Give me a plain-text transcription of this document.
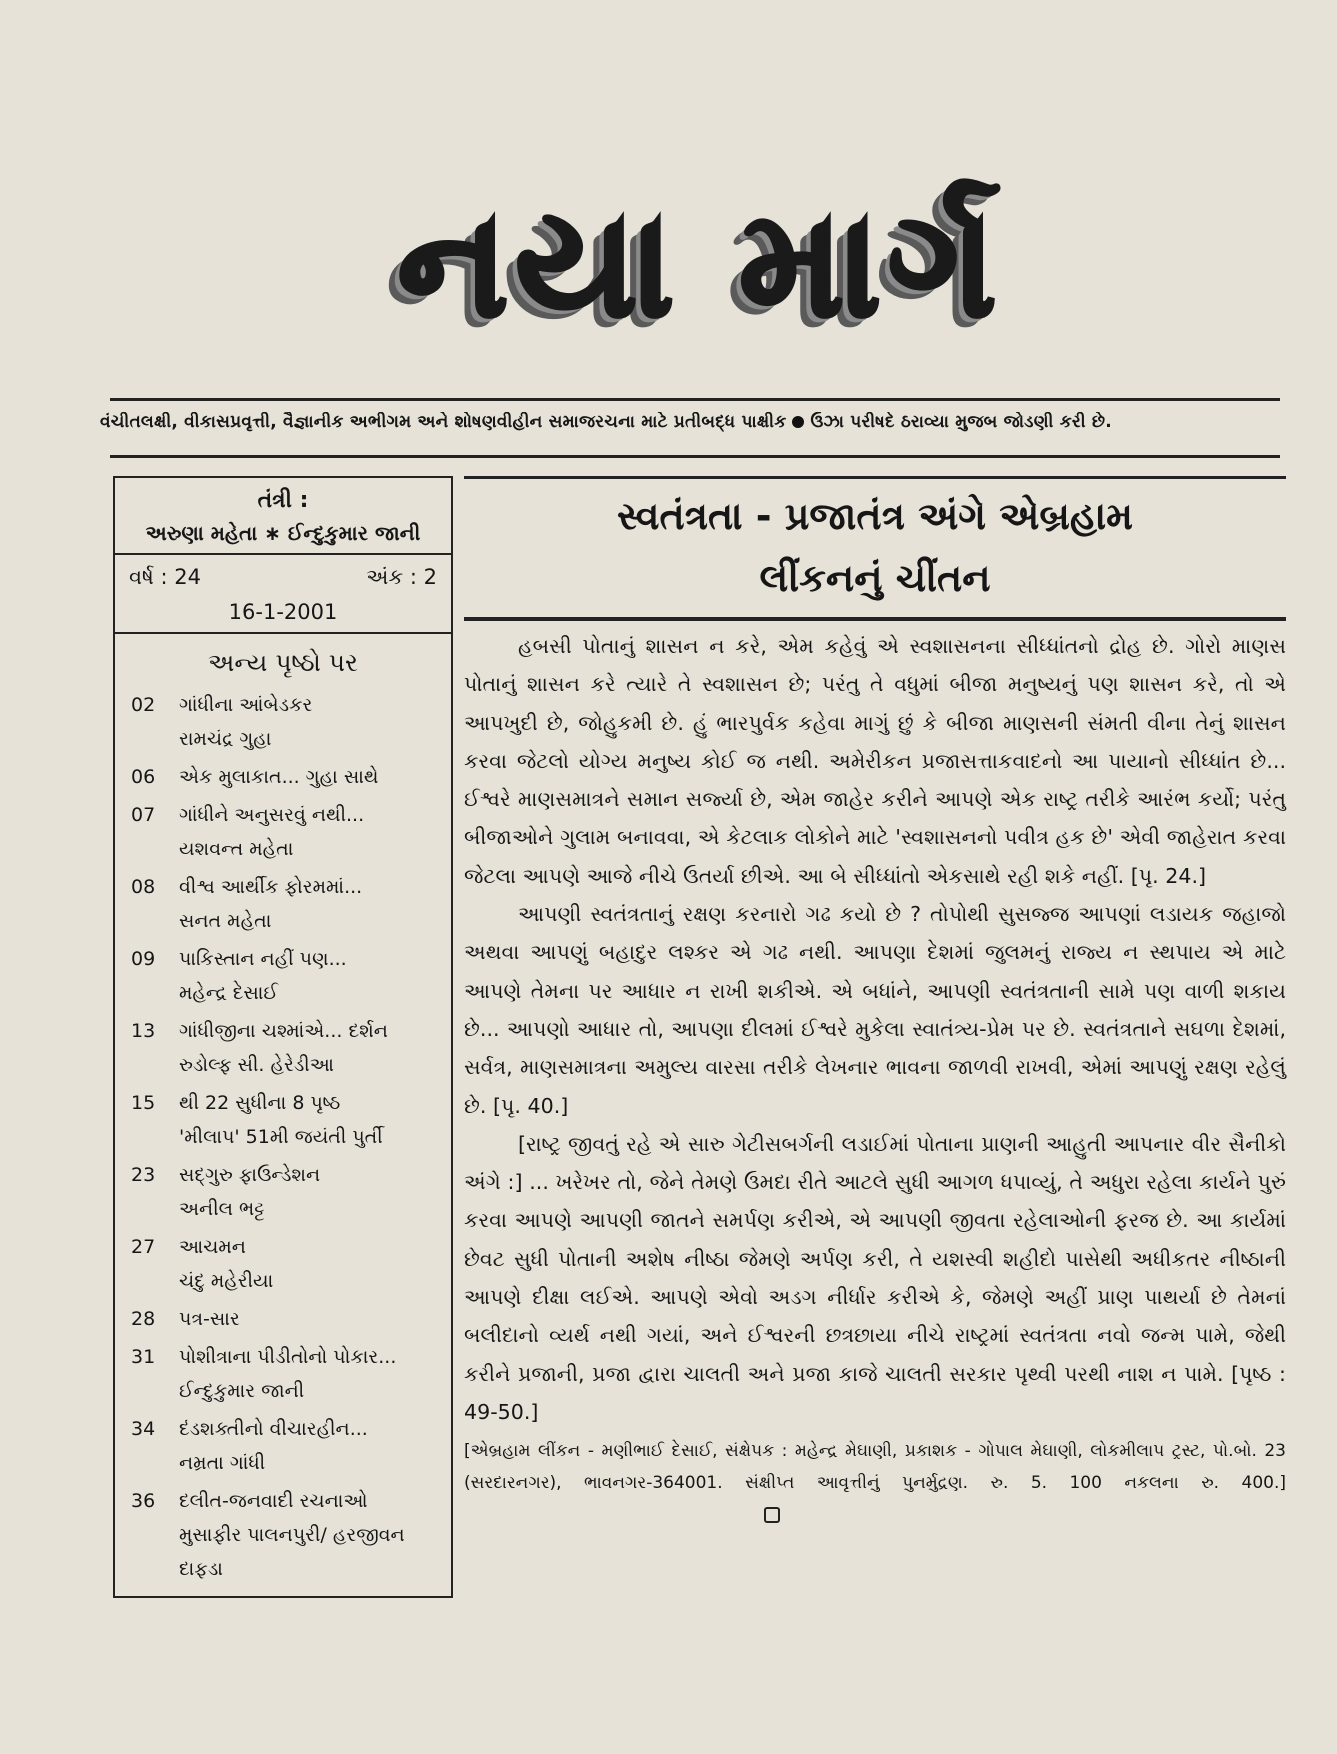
નયા માર્ગ
વંચીતલક્ષી, વીકાસપ્રવૃત્તી, વૈજ્ઞાનીક અભીગમ અને શોષણવીહીન સમાજરચના માટે પ્રતીબદ્ધ પાક્ષીક ઉંઝા પરીષદે ઠરાવ્યા મુજબ જોડણી કરી છે.
તંત્રી :
અરુણા મહેતા ∗ ઈન્દુકુમાર જાની
વર્ષ : 24	અંક : 2
16-1-2001
અન્ય પૃષ્ઠો પર
02	ગાંધીના આંબેડકર
રામચંદ્ર ગુહા
06	એક મુલાકાત... ગુહા સાથે
07	ગાંધીને અનુસરવું નથી...
યશવન્ત મહેતા
08	વીશ્વ આર્થીક ફોરમમાં...
સનત મહેતા
09	પાકિસ્તાન નહીં પણ...
મહેન્દ્ર દેસાઈ
13	ગાંધીજીના ચશ્માંએ... દર્શન
રુડોલ્ફ સી. હેરેડીઆ
15	થી 22 સુધીના 8 પૃષ્ઠ
'મીલાપ' 51મી જયંતી પુર્તી
23	સદ્‌ગુરુ ફાઉન્ડેશન
અનીલ ભટ્ટ
27	આચમન
ચંદુ મહેરીયા
28	પત્ર-સાર
31	પોશીત્રાના પીડીતોનો પોકાર...
ઈન્દુકુમાર જાની
34	દંડશક્તીનો વીચારહીન...
નમ્રતા ગાંધી
36	દલીત-જનવાદી રચનાઓ
મુસાફીર પાલનપુરી/ હરજીવન દાફડા
સ્વતંત્રતા - પ્રજાતંત્ર અંગે એબ્રહામ
લીંકનનું ચીંતન

હબસી પોતાનું શાસન ન કરે, એમ કહેવું એ સ્વશાસનના સીધ્ધાંતનો દ્રોહ છે. ગોરો માણસ પોતાનું શાસન કરે ત્યારે તે સ્વશાસન છે; પરંતુ તે વધુમાં બીજા મનુષ્યનું પણ શાસન કરે, તો એ આપખુદી છે, જોહુકમી છે. હું ભારપુર્વક કહેવા માગું છું કે બીજા માણસની સંમતી વીના તેનું શાસન કરવા જેટલો યોગ્ય મનુષ્ય કોઈ જ નથી. અમેરીકન પ્રજાસત્તાકવાદનો આ પાયાનો સીધ્ધાંત છે... ઈશ્વરે માણસમાત્રને સમાન સર્જ્યા છે, એમ જાહેર કરીને આપણે એક રાષ્ટ્ર તરીકે આરંભ કર્યો; પરંતુ બીજાઓને ગુલામ બનાવવા, એ કેટલાક લોકોને માટે 'સ્વશાસનનો પવીત્ર હક છે' એવી જાહેરાત કરવા જેટલા આપણે આજે નીચે ઉતર્યા છીએ. આ બે સીધ્ધાંતો એકસાથે રહી શકે નહીં. [પૃ. 24.]

આપણી સ્વતંત્રતાનું રક્ષણ કરનારો ગઢ કયો છે ? તોપોથી સુસજ્જ આપણાં લડાયક જહાજો અથવા આપણું બહાદુર લશ્કર એ ગઢ નથી. આપણા દેશમાં જુલમનું રાજ્ય ન સ્થપાય એ માટે આપણે તેમના પર આધાર ન રાખી શકીએ. એ બધાંને, આપણી સ્વતંત્રતાની સામે પણ વાળી શકાય છે... આપણો આધાર તો, આપણા દીલમાં ઈશ્વરે મુકેલા સ્વાતંત્ર્ય-પ્રેમ પર છે. સ્વતંત્રતાને સઘળા દેશમાં, સર્વત્ર, માણસમાત્રના અમુલ્ય વારસા તરીકે લેખનાર ભાવના જાળવી રાખવી, એમાં આપણું રક્ષણ રહેલું છે. [પૃ. 40.]

[રાષ્ટ્ર જીવતું રહે એ સારુ ગેટીસબર્ગની લડાઈમાં પોતાના પ્રાણની આહુતી આપનાર વીર સૈનીકો અંગે :] ... ખરેખર તો, જેને તેમણે ઉમદા રીતે આટલે સુધી આગળ ધપાવ્યું, તે અધુરા રહેલા કાર્યને પુરું કરવા આપણે આપણી જાતને સમર્પણ કરીએ, એ આપણી જીવતા રહેલાઓની ફરજ છે. આ કાર્યમાં છેવટ સુધી પોતાની અશેષ નીષ્ઠા જેમણે અર્પણ કરી, તે યશસ્વી શહીદો પાસેથી અધીકતર નીષ્ઠાની આપણે દીક્ષા લઈએ. આપણે એવો અડગ નીર્ધાર કરીએ કે, જેમણે અહીં પ્રાણ પાથર્યા છે તેમનાં બલીદાનો વ્યર્થ નથી ગયાં, અને ઈશ્વરની છત્રછાયા નીચે રાષ્ટ્રમાં સ્વતંત્રતા નવો જન્મ પામે, જેથી કરીને પ્રજાની, પ્રજા દ્વારા ચાલતી અને પ્રજા કાજે ચાલતી સરકાર પૃથ્વી પરથી નાશ ન પામે. [પૃષ્ઠ : 49-50.]

[એબ્રહામ લીંકન - મણીભાઈ દેસાઈ, સંક્ષેપક : મહેન્દ્ર મેઘાણી, પ્રકાશક - ગોપાલ મેઘાણી, લોકમીલાપ ટ્રસ્ટ, પો.બો. 23 (સરદારનગર), ભાવનગર-364001. સંક્ષીપ્ત આવૃત્તીનું પુનર્મુદ્રણ. રુ. 5. 100 નકલના રુ. 400.]
